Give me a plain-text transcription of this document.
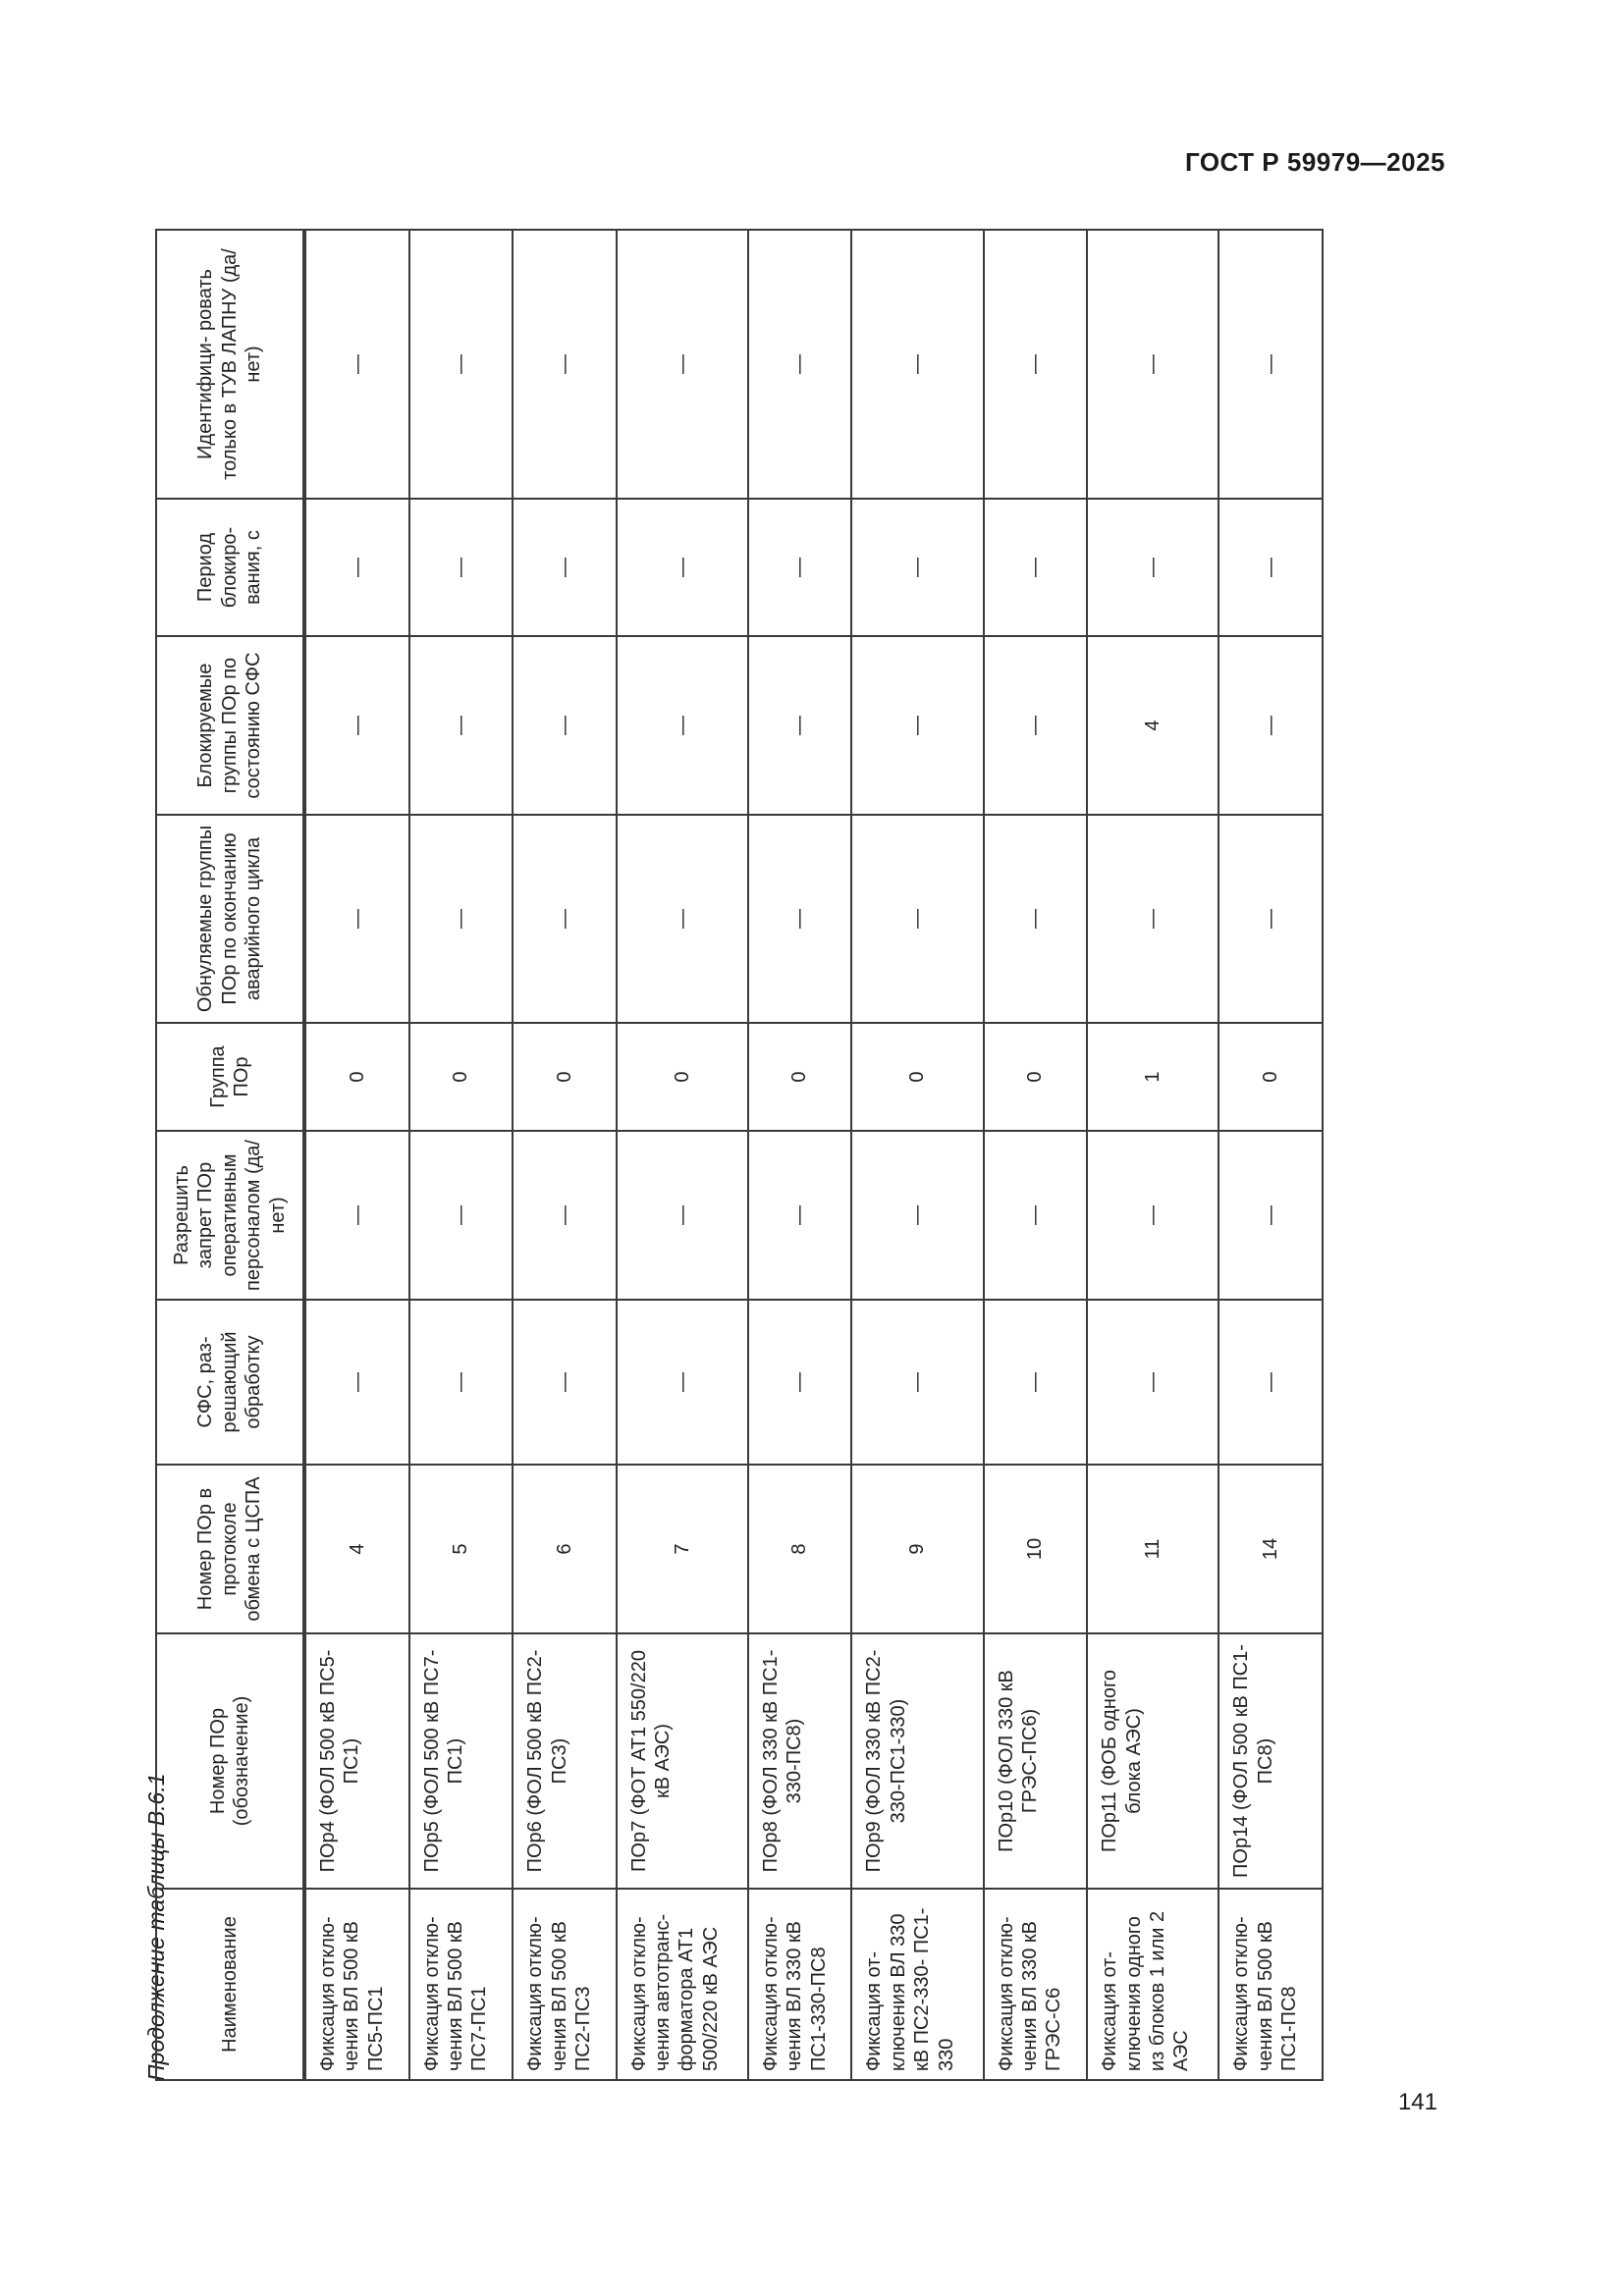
ГОСТ Р 59979—2025
Продолжение таблицы В.6.1	Наименование	Номер ПОр (обозначение)	Номер ПОр в протоколе обмена с ЦСПА	СФС, раз- решающий обработку	Разрешить запрет ПОр оперативным персоналом (да/нет)	Группа ПОр	Обнуляемые группы ПОр по окончанию аварийного цикла	Блокируемые группы ПОр по состоянию СФС	Период блокиро- вания, с	Идентифици- ровать только в ТУВ ЛАПНУ (да/нет)
Фиксация отклю- чения ВЛ 500 кВ ПС5-ПС1	ПОр4 (ФОЛ 500 кВ ПС5-ПС1)	4	—	—	0	—	—	—	—
Фиксация отклю- чения ВЛ 500 кВ ПС7-ПС1	ПОр5 (ФОЛ 500 кВ ПС7-ПС1)	5	—	—	0	—	—	—	—
Фиксация отклю- чения ВЛ 500 кВ ПС2-ПС3	ПОр6 (ФОЛ 500 кВ ПС2-ПС3)	6	—	—	0	—	—	—	—
Фиксация отклю- чения автотранс- форматора АТ1 500/220 кВ АЭС	ПОр7 (ФОТ АТ1 550/220 кВ АЭС)	7	—	—	0	—	—	—	—
Фиксация отклю- чения ВЛ 330 кВ ПС1-330-ПС8	ПОр8 (ФОЛ 330 кВ ПС1-330-ПС8)	8	—	—	0	—	—	—	—
Фиксация от- ключения ВЛ 330 кВ ПС2-330- ПС1-330	ПОр9 (ФОЛ 330 кВ ПС2-330-ПС1-330)	9	—	—	0	—	—	—	—
Фиксация отклю- чения ВЛ 330 кВ ГРЭС-С6	ПОр10 (ФОЛ 330 кВ ГРЭС-ПС6)	10	—	—	0	—	—	—	—
Фиксация от- ключения одного из блоков 1 или 2 АЭС	ПОр11 (ФОБ одного блока АЭС)	11	—	—	1	—	4	—	—
Фиксация отклю- чения ВЛ 500 кВ ПС1-ПС8	ПОр14 (ФОЛ 500 кВ ПС1-ПС8)	14	—	—	0	—	—	—	—
141
